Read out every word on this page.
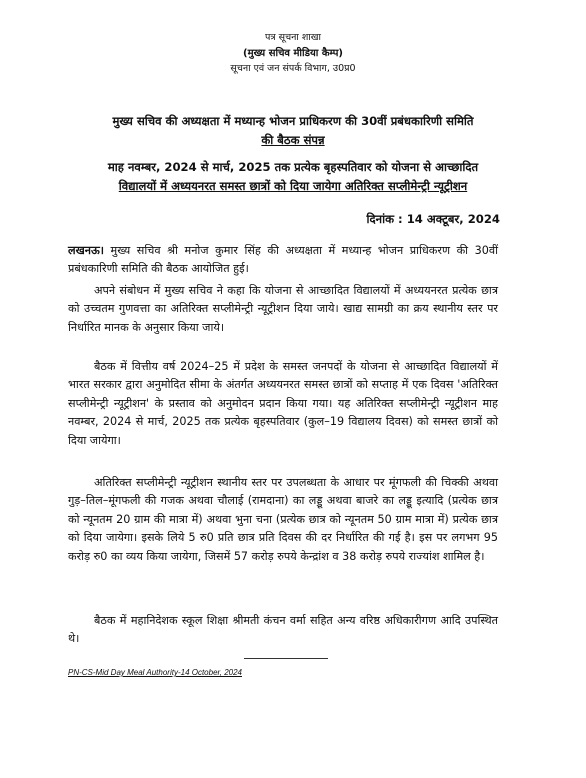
पत्र सूचना शाखा
(मुख्य सचिव मीडिया कैम्प)
सूचना एवं जन संपर्क विभाग, उ0प्र0
मुख्य सचिव की अध्यक्षता में मध्यान्ह भोजन प्राधिकरण की 30वीं प्रबंधकारिणी समिति
की बैठक संपन्न
माह नवम्बर, 2024 से मार्च, 2025 तक प्रत्येक बृहस्पतिवार को योजना से आच्छादित
विद्यालयों में अध्ययनरत समस्त छात्रों को दिया जायेगा अतिरिक्त सप्लीमेन्ट्री न्यूट्रीशन
दिनांक : 14 अक्टूबर, 2024

लखनऊ। मुख्य सचिव श्री मनोज कुमार सिंह की अध्यक्षता में मध्यान्ह भोजन प्राधिकरण की 30वीं प्रबंधकारिणी समिति की बैठक आयोजित हुई।

अपने संबोधन में मुख्य सचिव ने कहा कि योजना से आच्छादित विद्यालयों में अध्ययनरत प्रत्येक छात्र को उच्चतम गुणवत्ता का अतिरिक्त सप्लीमेन्ट्री न्यूट्रीशन दिया जाये। खाद्य सामग्री का क्रय स्थानीय स्तर पर निर्धारित मानक के अनुसार किया जाये।

बैठक में वित्तीय वर्ष 2024–25 में प्रदेश के समस्त जनपदों के योजना से आच्छादित विद्यालयों में भारत सरकार द्वारा अनुमोदित सीमा के अंतर्गत अध्ययनरत समस्त छात्रों को सप्ताह में एक दिवस 'अतिरिक्त सप्लीमेन्ट्री न्यूट्रीशन' के प्रस्ताव को अनुमोदन प्रदान किया गया। यह अतिरिक्त सप्लीमेन्ट्री न्यूट्रीशन माह नवम्बर, 2024 से मार्च, 2025 तक प्रत्येक बृहस्पतिवार (कुल–19 विद्यालय दिवस) को समस्त छात्रों को दिया जायेगा।

अतिरिक्त सप्लीमेन्ट्री न्यूट्रीशन स्थानीय स्तर पर उपलब्धता के आधार पर मूंगफली की चिक्की अथवा गुड़–तिल–मूंगफली की गजक अथवा चौलाई (रामदाना) का लड्डू अथवा बाजरे का लड्डू इत्यादि (प्रत्येक छात्र को न्यूनतम 20 ग्राम की मात्रा में) अथवा भुना चना (प्रत्येक छात्र को न्यूनतम 50 ग्राम मात्रा में) प्रत्येक छात्र को दिया जायेगा। इसके लिये 5 रु0 प्रति छात्र प्रति दिवस की दर निर्धारित की गई है। इस पर लगभग 95 करोड़ रु0 का व्यय किया जायेगा, जिसमें 57 करोड़ रुपये केन्द्रांश व 38 करोड़ रुपये राज्यांश शामिल है।

बैठक में महानिदेशक स्कूल शिक्षा श्रीमती कंचन वर्मा सहित अन्य वरिष्ठ अधिकारीगण आदि उपस्थित थे।

PN-CS-Mid Day Meal Authority-14 October, 2024
